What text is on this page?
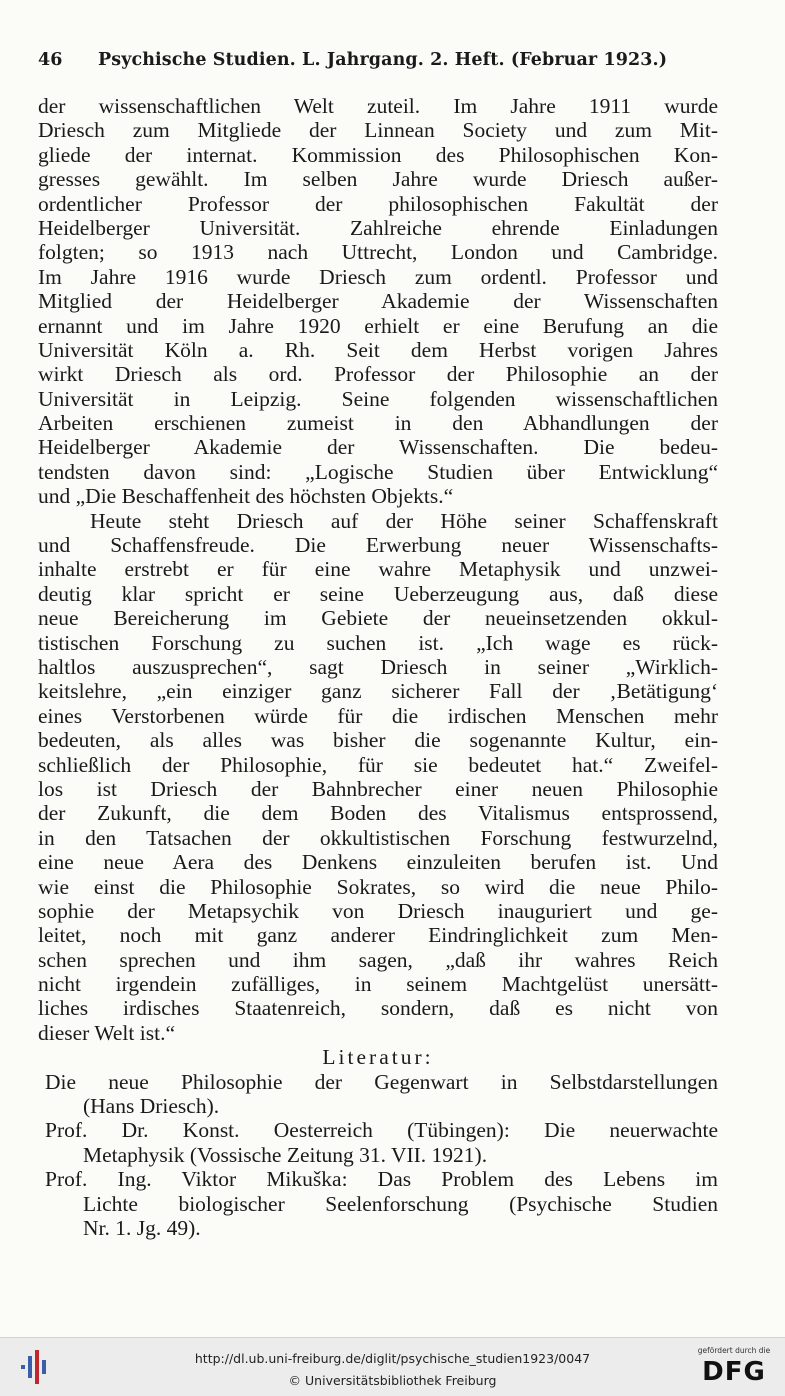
46 Psychische Studien. L. Jahrgang. 2. Heft. (Februar 1923.)
der wissenschaftlichen Welt zuteil. Im Jahre 1911 wurde
Driesch zum Mitgliede der Linnean Society und zum Mit-
gliede der internat. Kommission des Philosophischen Kon-
gresses gewählt. Im selben Jahre wurde Driesch außer-
ordentlicher Professor der philosophischen Fakultät der
Heidelberger Universität. Zahlreiche ehrende Einladungen
folgten; so 1913 nach Uttrecht, London und Cambridge.
Im Jahre 1916 wurde Driesch zum ordentl. Professor und
Mitglied der Heidelberger Akademie der Wissenschaften
ernannt und im Jahre 1920 erhielt er eine Berufung an die
Universität Köln a. Rh. Seit dem Herbst vorigen Jahres
wirkt Driesch als ord. Professor der Philosophie an der
Universität in Leipzig. Seine folgenden wissenschaftlichen
Arbeiten erschienen zumeist in den Abhandlungen der
Heidelberger Akademie der Wissenschaften. Die bedeu-
tendsten davon sind: „Logische Studien über Entwicklung“
und „Die Beschaffenheit des höchsten Objekts.“
Heute steht Driesch auf der Höhe seiner Schaffenskraft
und Schaffensfreude. Die Erwerbung neuer Wissenschafts-
inhalte erstrebt er für eine wahre Metaphysik und unzwei-
deutig klar spricht er seine Ueberzeugung aus, daß diese
neue Bereicherung im Gebiete der neueinsetzenden okkul-
tistischen Forschung zu suchen ist. „Ich wage es rück-
haltlos auszusprechen“, sagt Driesch in seiner „Wirklich-
keitslehre, „ein einziger ganz sicherer Fall der ‚Betätigung‘
eines Verstorbenen würde für die irdischen Menschen mehr
bedeuten, als alles was bisher die sogenannte Kultur, ein-
schließlich der Philosophie, für sie bedeutet hat.“ Zweifel-
los ist Driesch der Bahnbrecher einer neuen Philosophie
der Zukunft, die dem Boden des Vitalismus entsprossend,
in den Tatsachen der okkultistischen Forschung festwurzelnd,
eine neue Aera des Denkens einzuleiten berufen ist. Und
wie einst die Philosophie Sokrates, so wird die neue Philo-
sophie der Metapsychik von Driesch inauguriert und ge-
leitet, noch mit ganz anderer Eindringlichkeit zum Men-
schen sprechen und ihm sagen, „daß ihr wahres Reich
nicht irgendein zufälliges, in seinem Machtgelüst unersätt-
liches irdisches Staatenreich, sondern, daß es nicht von
dieser Welt ist.“
Literatur:
Die neue Philosophie der Gegenwart in Selbstdarstellungen
(Hans Driesch).
Prof. Dr. Konst. Oesterreich (Tübingen): Die neuerwachte
Metaphysik (Vossische Zeitung 31. VII. 1921).
Prof. Ing. Viktor Mikuška: Das Problem des Lebens im
Lichte biologischer Seelenforschung (Psychische Studien
Nr. 1. Jg. 49).
http://dl.ub.uni-freiburg.de/diglit/psychische_studien1923/0047
© Universitätsbibliothek Freiburg
gefördert durch die
DFG
